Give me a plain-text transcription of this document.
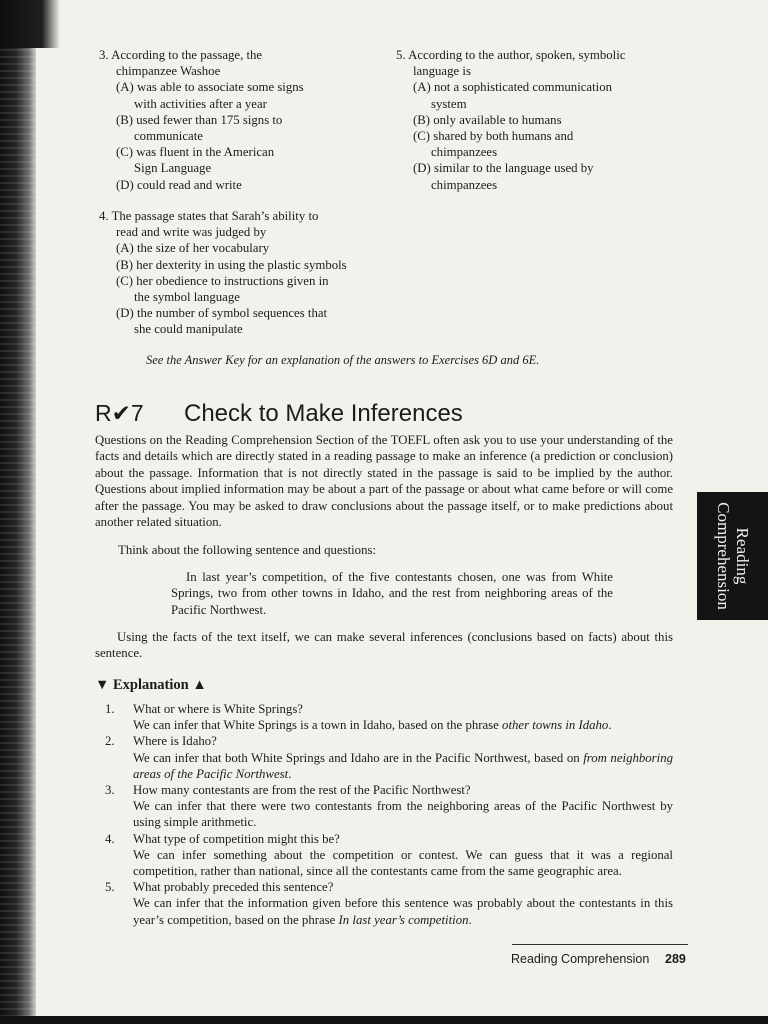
3. According to the passage, the
chimpanzee Washoe
(A) was able to associate some signs
with activities after a year
(B) used fewer than 175 signs to
communicate
(C) was fluent in the American
Sign Language
(D) could read and write
5. According to the author, spoken, symbolic
language is
(A) not a sophisticated communication
system
(B) only available to humans
(C) shared by both humans and
chimpanzees
(D) similar to the language used by
chimpanzees
4. The passage states that Sarah’s ability to
read and write was judged by
(A) the size of her vocabulary
(B) her dexterity in using the plastic symbols
(C) her obedience to instructions given in
the symbol language
(D) the number of symbol sequences that
she could manipulate
See the Answer Key for an explanation of the answers to Exercises 6D and 6E.
R✔7 Check to Make Inferences

Questions on the Reading Comprehension Section of the TOEFL often ask you to use your understanding of the facts and details which are directly stated in a reading passage to make an inference (a prediction or conclusion) about the passage. Information that is not directly stated in the passage is said to be implied by the author. Questions about implied information may be about a part of the passage or about what came before or will come after the passage. You may be asked to draw conclusions about the passage itself, or to make predictions about another related situation.

Think about the following sentence and questions:

In last year’s competition, of the five contestants chosen, one was from White Springs, two from other towns in Idaho, and the rest from neighboring areas of the Pacific Northwest.

Using the facts of the text itself, we can make several inferences (conclusions based on facts) about this sentence.

Reading
Comprehension
▼ Explanation ▲
1. What or where is White Springs?
We can infer that White Springs is a town in Idaho, based on the phrase other towns in Idaho.
2. Where is Idaho?
We can infer that both White Springs and Idaho are in the Pacific Northwest, based on from neighboring areas of the Pacific Northwest.
3. How many contestants are from the rest of the Pacific Northwest?
We can infer that there were two contestants from the neighboring areas of the Pacific Northwest by using simple arithmetic.
4. What type of competition might this be?
We can infer something about the competition or contest. We can guess that it was a regional competition, rather than national, since all the contestants came from the same geographic area.
5. What probably preceded this sentence?
We can infer that the information given before this sentence was probably about the contestants in this year’s competition, based on the phrase In last year’s competition.
Reading Comprehension 289
